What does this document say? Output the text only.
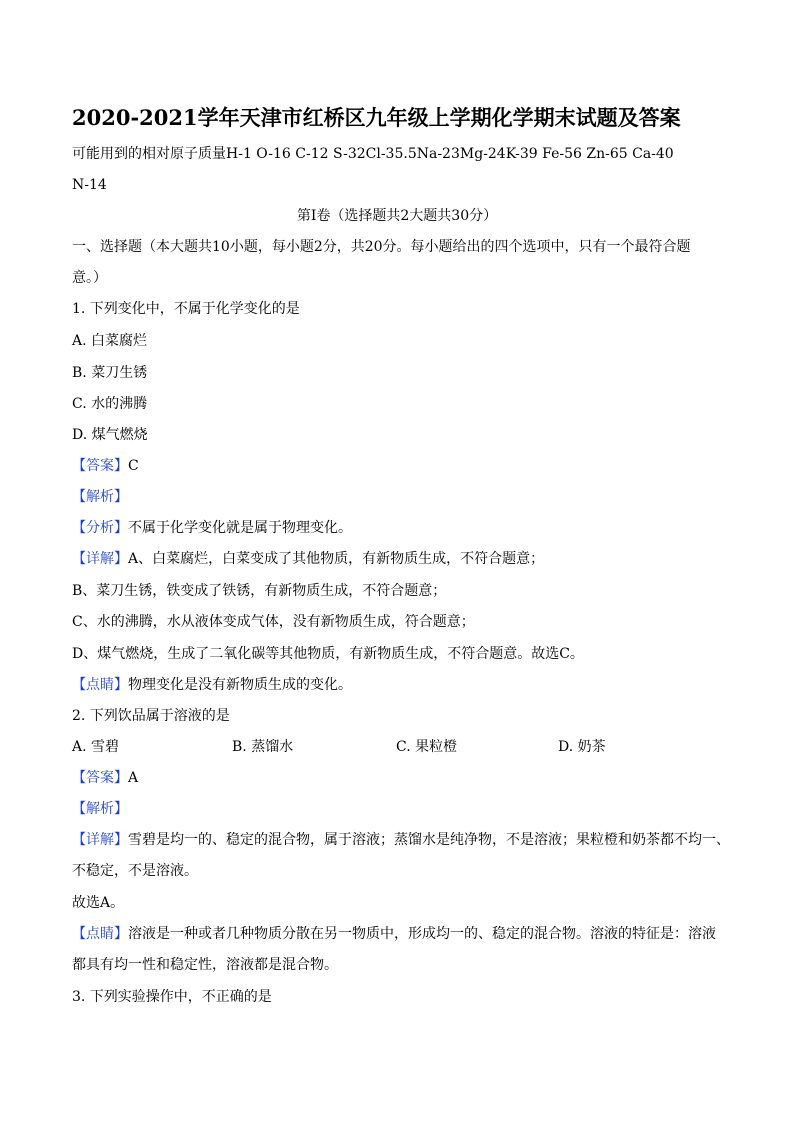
2020-2021学年天津市红桥区九年级上学期化学期末试题及答案
可能用到的相对原子质量H-1 O-16 C-12 S-32Cl-35.5Na-23Mg-24K-39 Fe-56 Zn-65 Ca-40
N-14
第Ⅰ卷（选择题共2大题共30分）
一、选择题（本大题共10小题，每小题2分，共20分。每小题给出的四个选项中，只有一个最符合题
意。）
1. 下列变化中，不属于化学变化的是
A. 白菜腐烂
B. 菜刀生锈
C. 水的沸腾
D. 煤气燃烧
【答案】C
【解析】
【分析】不属于化学变化就是属于物理变化。
【详解】A、白菜腐烂，白菜变成了其他物质，有新物质生成，不符合题意；
B、菜刀生锈，铁变成了铁锈，有新物质生成，不符合题意；
C、水的沸腾，水从液体变成气体，没有新物质生成，符合题意；
D、煤气燃烧，生成了二氧化碳等其他物质，有新物质生成，不符合题意。故选C。
【点睛】物理变化是没有新物质生成的变化。
2. 下列饮品属于溶液的是
A. 雪碧	B. 蒸馏水	C. 果粒橙	D. 奶茶
【答案】A
【解析】
【详解】雪碧是均一的、稳定的混合物，属于溶液；蒸馏水是纯净物，不是溶液；果粒橙和奶茶都不均一、
不稳定，不是溶液。
故选A。
【点睛】溶液是一种或者几种物质分散在另一物质中，形成均一的、稳定的混合物。溶液的特征是：溶液
都具有均一性和稳定性，溶液都是混合物。
3. 下列实验操作中，不正确的是
